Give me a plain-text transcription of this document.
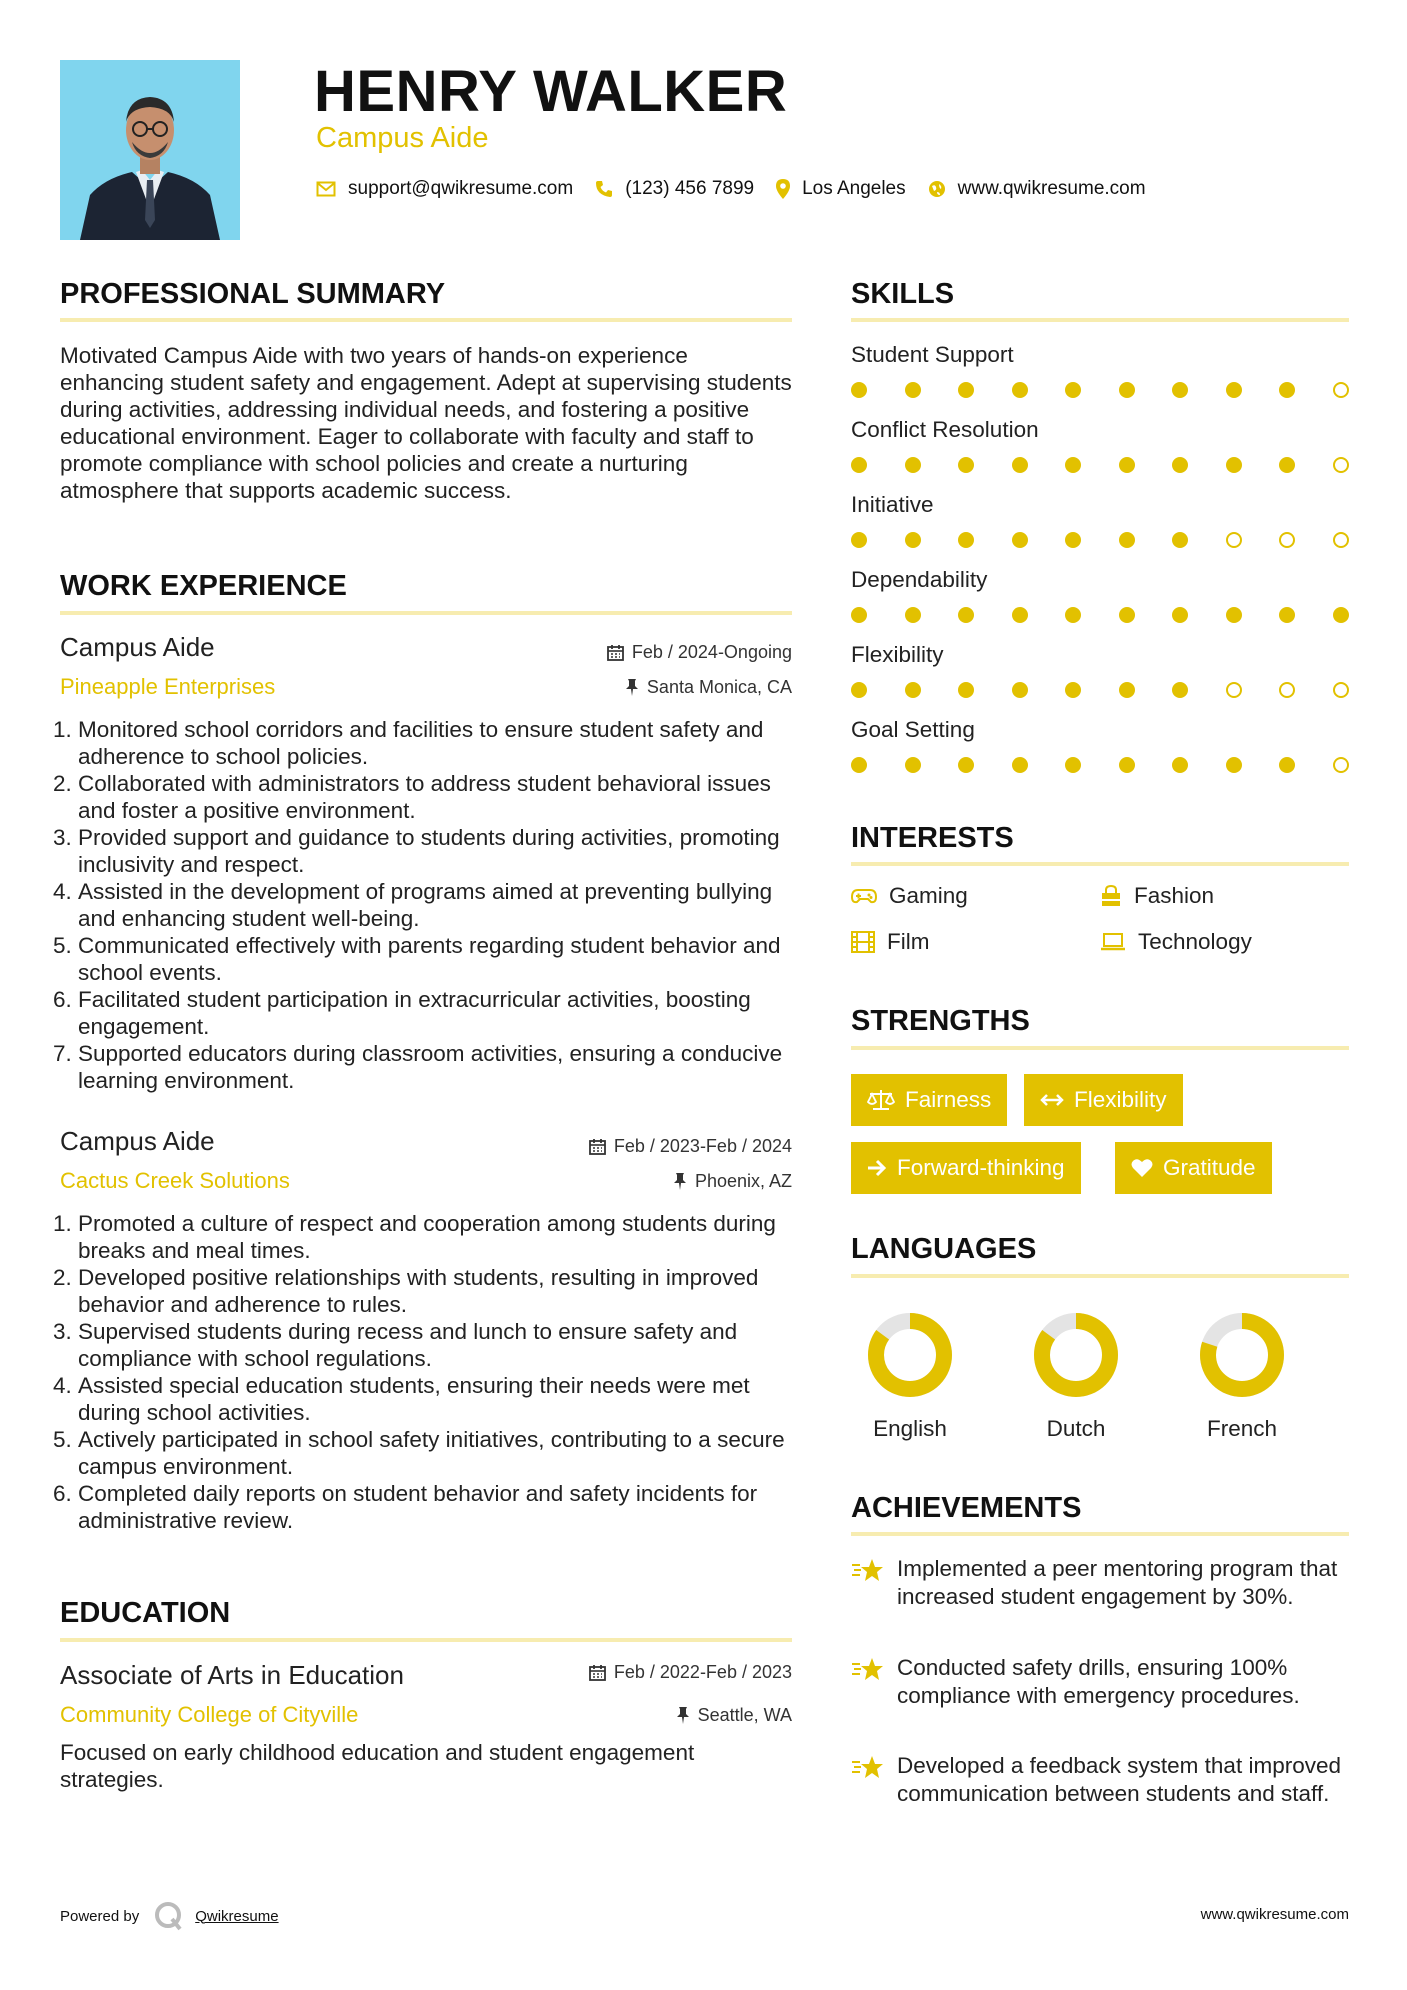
HENRY WALKER
Campus Aide
support@qwikresume.com	(123) 456 7899	Los Angeles	www.qwikresume.com
PROFESSIONAL SUMMARY
Motivated Campus Aide with two years of hands-on experience enhancing student safety and engagement. Adept at supervising students during activities, addressing individual needs, and fostering a positive educational environment. Eager to collaborate with faculty and staff to promote compliance with school policies and create a nurturing atmosphere that supports academic success.
WORK EXPERIENCE
Campus Aide	Feb / 2024-Ongoing
Pineapple Enterprises	Santa Monica, CA
1. Monitored school corridors and facilities to ensure student safety and adherence to school policies.
2. Collaborated with administrators to address student behavioral issues and foster a positive environment.
3. Provided support and guidance to students during activities, promoting inclusivity and respect.
4. Assisted in the development of programs aimed at preventing bullying and enhancing student well-being.
5. Communicated effectively with parents regarding student behavior and school events.
6. Facilitated student participation in extracurricular activities, boosting engagement.
7. Supported educators during classroom activities, ensuring a conducive learning environment.
Campus Aide	Feb / 2023-Feb / 2024
Cactus Creek Solutions	Phoenix, AZ
1. Promoted a culture of respect and cooperation among students during breaks and meal times.
2. Developed positive relationships with students, resulting in improved behavior and adherence to rules.
3. Supervised students during recess and lunch to ensure safety and compliance with school regulations.
4. Assisted special education students, ensuring their needs were met during school activities.
5. Actively participated in school safety initiatives, contributing to a secure campus environment.
6. Completed daily reports on student behavior and safety incidents for administrative review.
EDUCATION
Associate of Arts in Education	Feb / 2022-Feb / 2023
Community College of Cityville	Seattle, WA
Focused on early childhood education and student engagement strategies.
SKILLS
Student Support
Conflict Resolution
Initiative
Dependability
Flexibility
Goal Setting
INTERESTS
Gaming	Fashion
Film	Technology
STRENGTHS
Fairness	Flexibility
Forward-thinking	Gratitude
LANGUAGES
English	Dutch	French
ACHIEVEMENTS
Implemented a peer mentoring program that increased student engagement by 30%.
Conducted safety drills, ensuring 100% compliance with emergency procedures.
Developed a feedback system that improved communication between students and staff.
Powered by	Qwikresume	www.qwikresume.com
